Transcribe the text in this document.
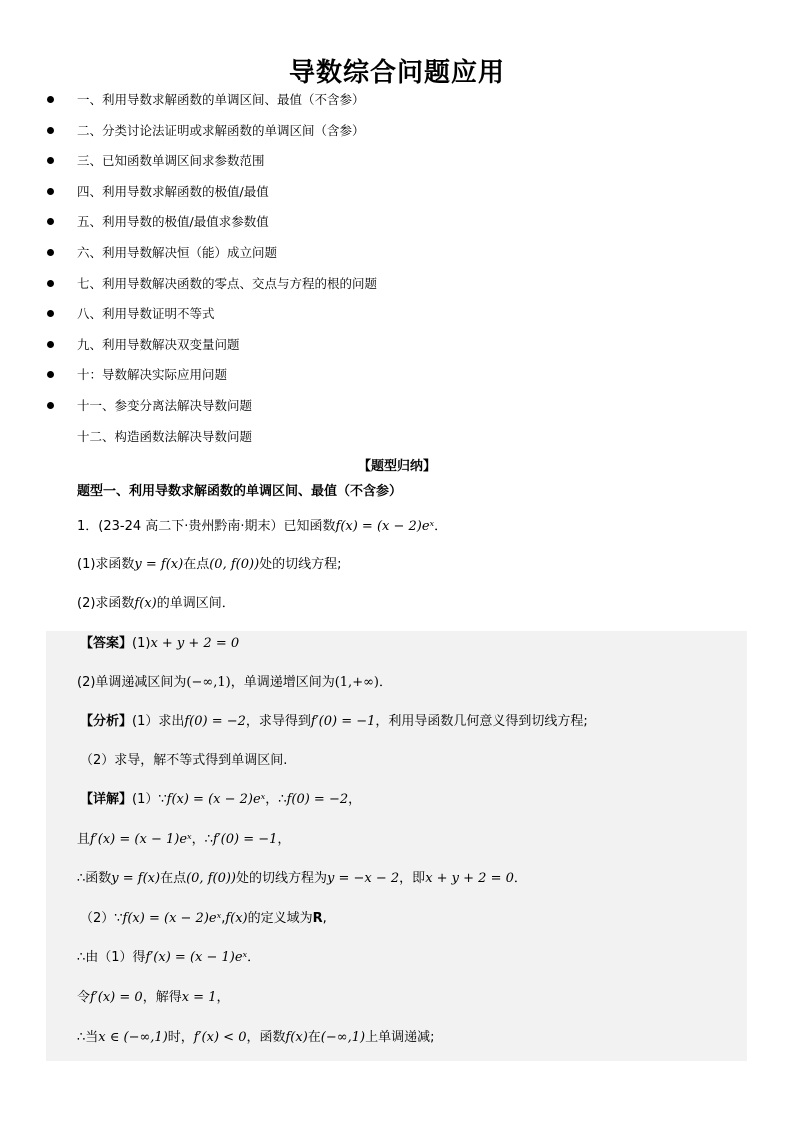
导数综合问题应用
一、利用导数求解函数的单调区间、最值（不含参）
二、分类讨论法证明或求解函数的单调区间（含参）
三、已知函数单调区间求参数范围
四、利用导数求解函数的极值/最值
五、利用导数的极值/最值求参数值
六、利用导数解决恒（能）成立问题
七、利用导数解决函数的零点、交点与方程的根的问题
八、利用导数证明不等式
九、利用导数解决双变量问题
十：导数解决实际应用问题
十一、参变分离法解决导数问题
十二、构造函数法解决导数问题
【题型归纳】
题型一、利用导数求解函数的单调区间、最值（不含参）
1．(23-24 高二下·贵州黔南·期末）已知函数f(x) = (x − 2)eˣ．
(1)求函数y = f(x)在点(0, f(0))处的切线方程;
(2)求函数f(x)的单调区间．
【答案】(1)x + y + 2 = 0
(2)单调递减区间为(−∞,1)，单调递增区间为(1,+∞)．
【分析】(1）求出f(0) = −2，求导得到f′(0) = −1，利用导函数几何意义得到切线方程;
（2）求导，解不等式得到单调区间.
【详解】(1）∵f(x) = (x − 2)eˣ，∴f(0) = −2，
且f′(x) = (x − 1)eˣ，∴f′(0) = −1，
∴函数y = f(x)在点(0, f(0))处的切线方程为y = −x − 2，即x + y + 2 = 0．
（2）∵f(x) = (x − 2)eˣ,f(x)的定义域为R,
∴由（1）得f′(x) = (x − 1)eˣ．
令f′(x) = 0，解得x = 1，
∴当x ∈ (−∞,1)时，f′(x) < 0，函数f(x)在(−∞,1)上单调递减;
